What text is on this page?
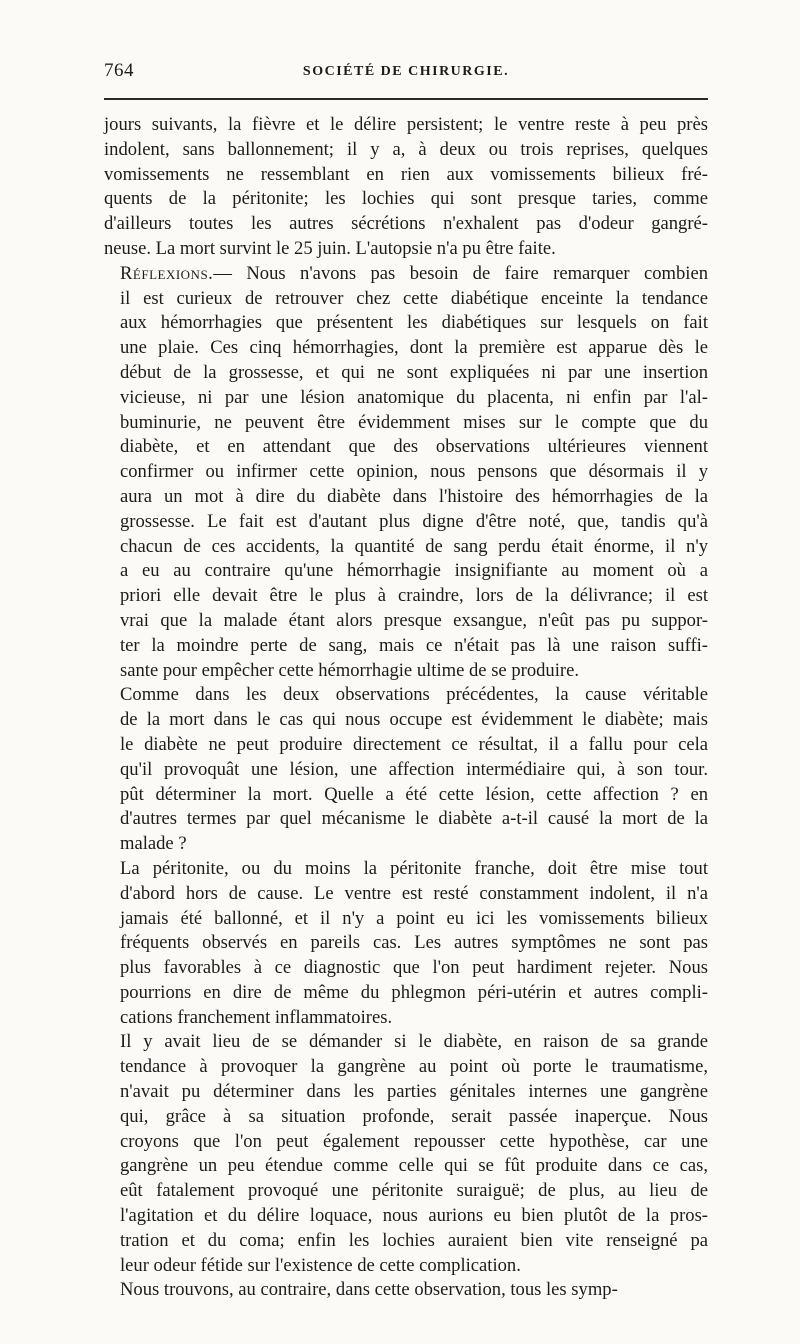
764	SOCIÉTÉ DE CHIRURGIE.

jours suivants, la fièvre et le délire persistent; le ventre reste à peu près
indolent, sans ballonnement; il y a, à deux ou trois reprises, quelques
vomissements ne ressemblant en rien aux vomissements bilieux fré-
quents de la péritonite; les lochies qui sont presque taries, comme
d'ailleurs toutes les autres sécrétions n'exhalent pas d'odeur gangré-
neuse. La mort survint le 25 juin. L'autopsie n'a pu être faite.

Réflexions.— Nous n'avons pas besoin de faire remarquer combien
il est curieux de retrouver chez cette diabétique enceinte la tendance
aux hémorrhagies que présentent les diabétiques sur lesquels on fait
une plaie. Ces cinq hémorrhagies, dont la première est apparue dès le
début de la grossesse, et qui ne sont expliquées ni par une insertion
vicieuse, ni par une lésion anatomique du placenta, ni enfin par l'al-
buminurie, ne peuvent être évidemment mises sur le compte que du
diabète, et en attendant que des observations ultérieures viennent
confirmer ou infirmer cette opinion, nous pensons que désormais il y
aura un mot à dire du diabète dans l'histoire des hémorrhagies de la
grossesse. Le fait est d'autant plus digne d'être noté, que, tandis qu'à
chacun de ces accidents, la quantité de sang perdu était énorme, il n'y
a eu au contraire qu'une hémorrhagie insignifiante au moment où a
priori elle devait être le plus à craindre, lors de la délivrance; il est
vrai que la malade étant alors presque exsangue, n'eût pas pu suppor-
ter la moindre perte de sang, mais ce n'était pas là une raison suffi-
sante pour empêcher cette hémorrhagie ultime de se produire.

Comme dans les deux observations précédentes, la cause véritable
de la mort dans le cas qui nous occupe est évidemment le diabète; mais
le diabète ne peut produire directement ce résultat, il a fallu pour cela
qu'il provoquât une lésion, une affection intermédiaire qui, à son tour.
pût déterminer la mort. Quelle a été cette lésion, cette affection ? en
d'autres termes par quel mécanisme le diabète a-t-il causé la mort de la
malade ?

La péritonite, ou du moins la péritonite franche, doit être mise tout
d'abord hors de cause. Le ventre est resté constamment indolent, il n'a
jamais été ballonné, et il n'y a point eu ici les vomissements bilieux
fréquents observés en pareils cas. Les autres symptômes ne sont pas
plus favorables à ce diagnostic que l'on peut hardiment rejeter. Nous
pourrions en dire de même du phlegmon péri-utérin et autres compli-
cations franchement inflammatoires.

Il y avait lieu de se démander si le diabète, en raison de sa grande
tendance à provoquer la gangrène au point où porte le traumatisme,
n'avait pu déterminer dans les parties génitales internes une gangrène
qui, grâce à sa situation profonde, serait passée inaperçue. Nous
croyons que l'on peut également repousser cette hypothèse, car une
gangrène un peu étendue comme celle qui se fût produite dans ce cas,
eût fatalement provoqué une péritonite suraiguë; de plus, au lieu de
l'agitation et du délire loquace, nous aurions eu bien plutôt de la pros-
tration et du coma; enfin les lochies auraient bien vite renseigné pa
leur odeur fétide sur l'existence de cette complication.

Nous trouvons, au contraire, dans cette observation, tous les symp-
